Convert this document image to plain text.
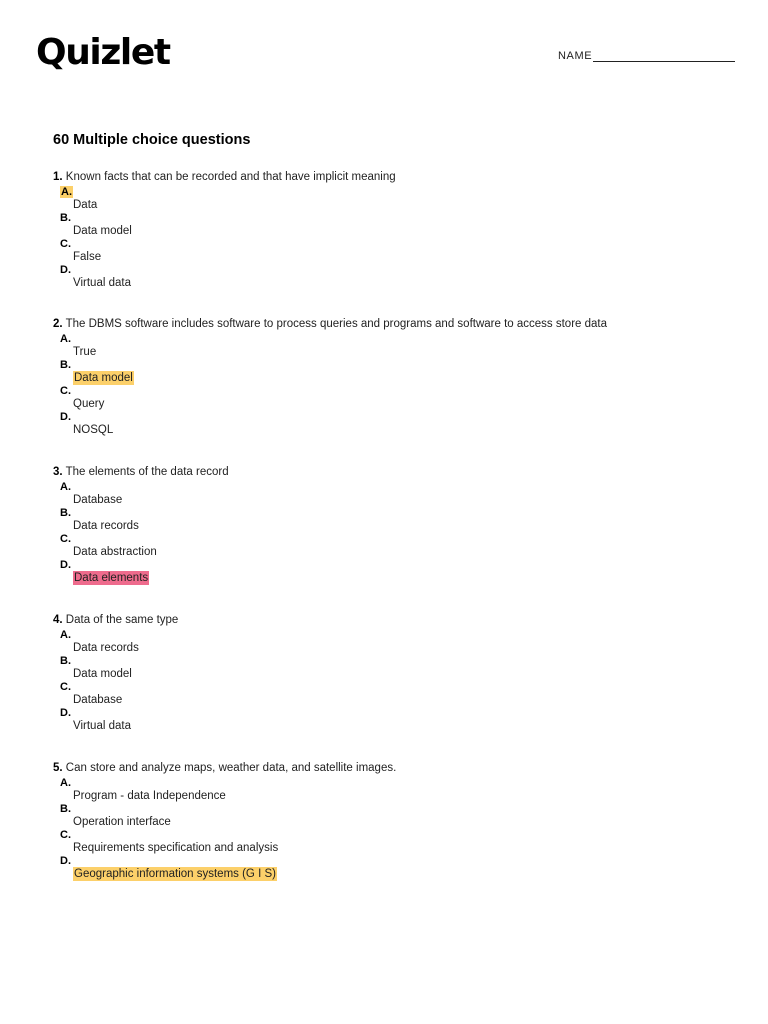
Quizlet	NAME
60 Multiple choice questions
1. Known facts that can be recorded and that have implicit meaning
A.
Data
B.
Data model
C.
False
D.
Virtual data
2. The DBMS software includes software to process queries and programs and software to access store data
A.
True
B.
Data model
C.
Query
D.
NOSQL
3. The elements of the data record
A.
Database
B.
Data records
C.
Data abstraction
D.
Data elements
4. Data of the same type
A.
Data records
B.
Data model
C.
Database
D.
Virtual data
5. Can store and analyze maps, weather data, and satellite images.
A.
Program - data Independence
B.
Operation interface
C.
Requirements specification and analysis
D.
Geographic information systems (G I S)
